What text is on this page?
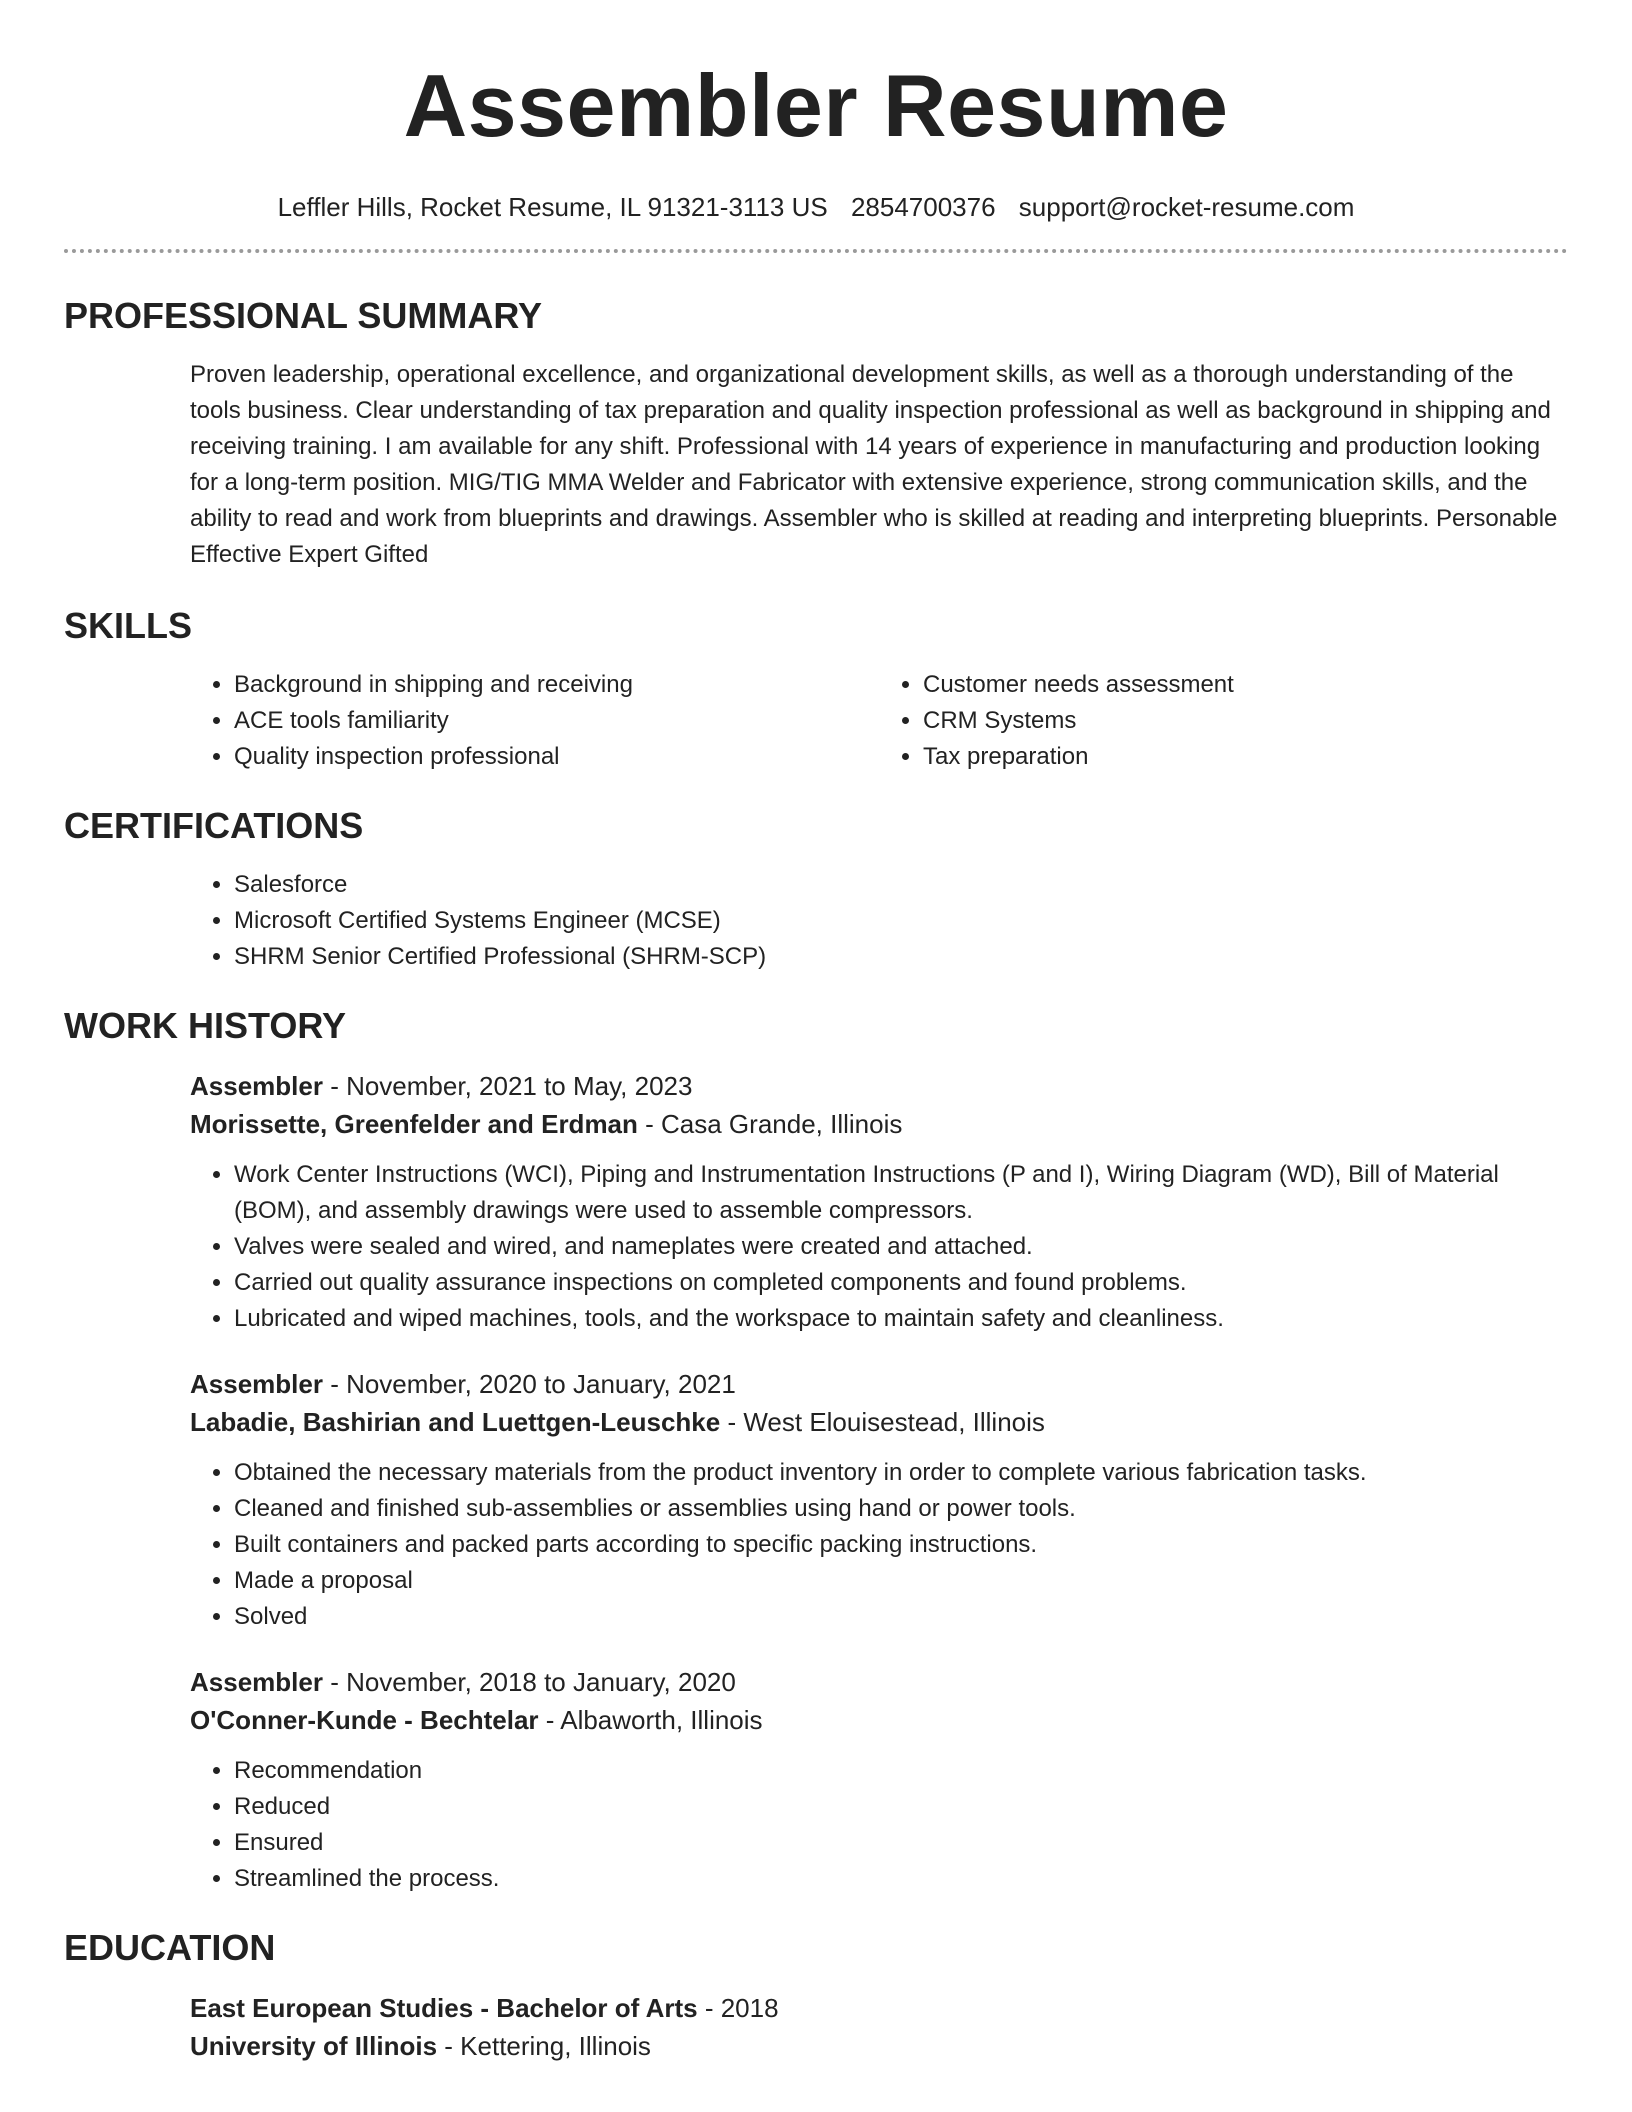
Assembler Resume
Leffler Hills, Rocket Resume, IL 91321-3113 US 2854700376 support@rocket-resume.com
PROFESSIONAL SUMMARY
Proven leadership, operational excellence, and organizational development skills, as well as a thorough understanding of the tools business. Clear understanding of tax preparation and quality inspection professional as well as background in shipping and receiving training. I am available for any shift. Professional with 14 years of experience in manufacturing and production looking for a long-term position. MIG/TIG MMA Welder and Fabricator with extensive experience, strong communication skills, and the ability to read and work from blueprints and drawings. Assembler who is skilled at reading and interpreting blueprints. Personable Effective Expert Gifted
SKILLS
• Background in shipping and receiving
• ACE tools familiarity
• Quality inspection professional
• Customer needs assessment
• CRM Systems
• Tax preparation
CERTIFICATIONS
• Salesforce
• Microsoft Certified Systems Engineer (MCSE)
• SHRM Senior Certified Professional (SHRM-SCP)
WORK HISTORY
Assembler - November, 2021 to May, 2023
Morissette, Greenfelder and Erdman - Casa Grande, Illinois
• Work Center Instructions (WCI), Piping and Instrumentation Instructions (P and I), Wiring Diagram (WD), Bill of Material (BOM), and assembly drawings were used to assemble compressors.
• Valves were sealed and wired, and nameplates were created and attached.
• Carried out quality assurance inspections on completed components and found problems.
• Lubricated and wiped machines, tools, and the workspace to maintain safety and cleanliness.
Assembler - November, 2020 to January, 2021
Labadie, Bashirian and Luettgen-Leuschke - West Elouisestead, Illinois
• Obtained the necessary materials from the product inventory in order to complete various fabrication tasks.
• Cleaned and finished sub-assemblies or assemblies using hand or power tools.
• Built containers and packed parts according to specific packing instructions.
• Made a proposal
• Solved
Assembler - November, 2018 to January, 2020
O'Conner-Kunde - Bechtelar - Albaworth, Illinois
• Recommendation
• Reduced
• Ensured
• Streamlined the process.
EDUCATION
East European Studies - Bachelor of Arts - 2018
University of Illinois - Kettering, Illinois
